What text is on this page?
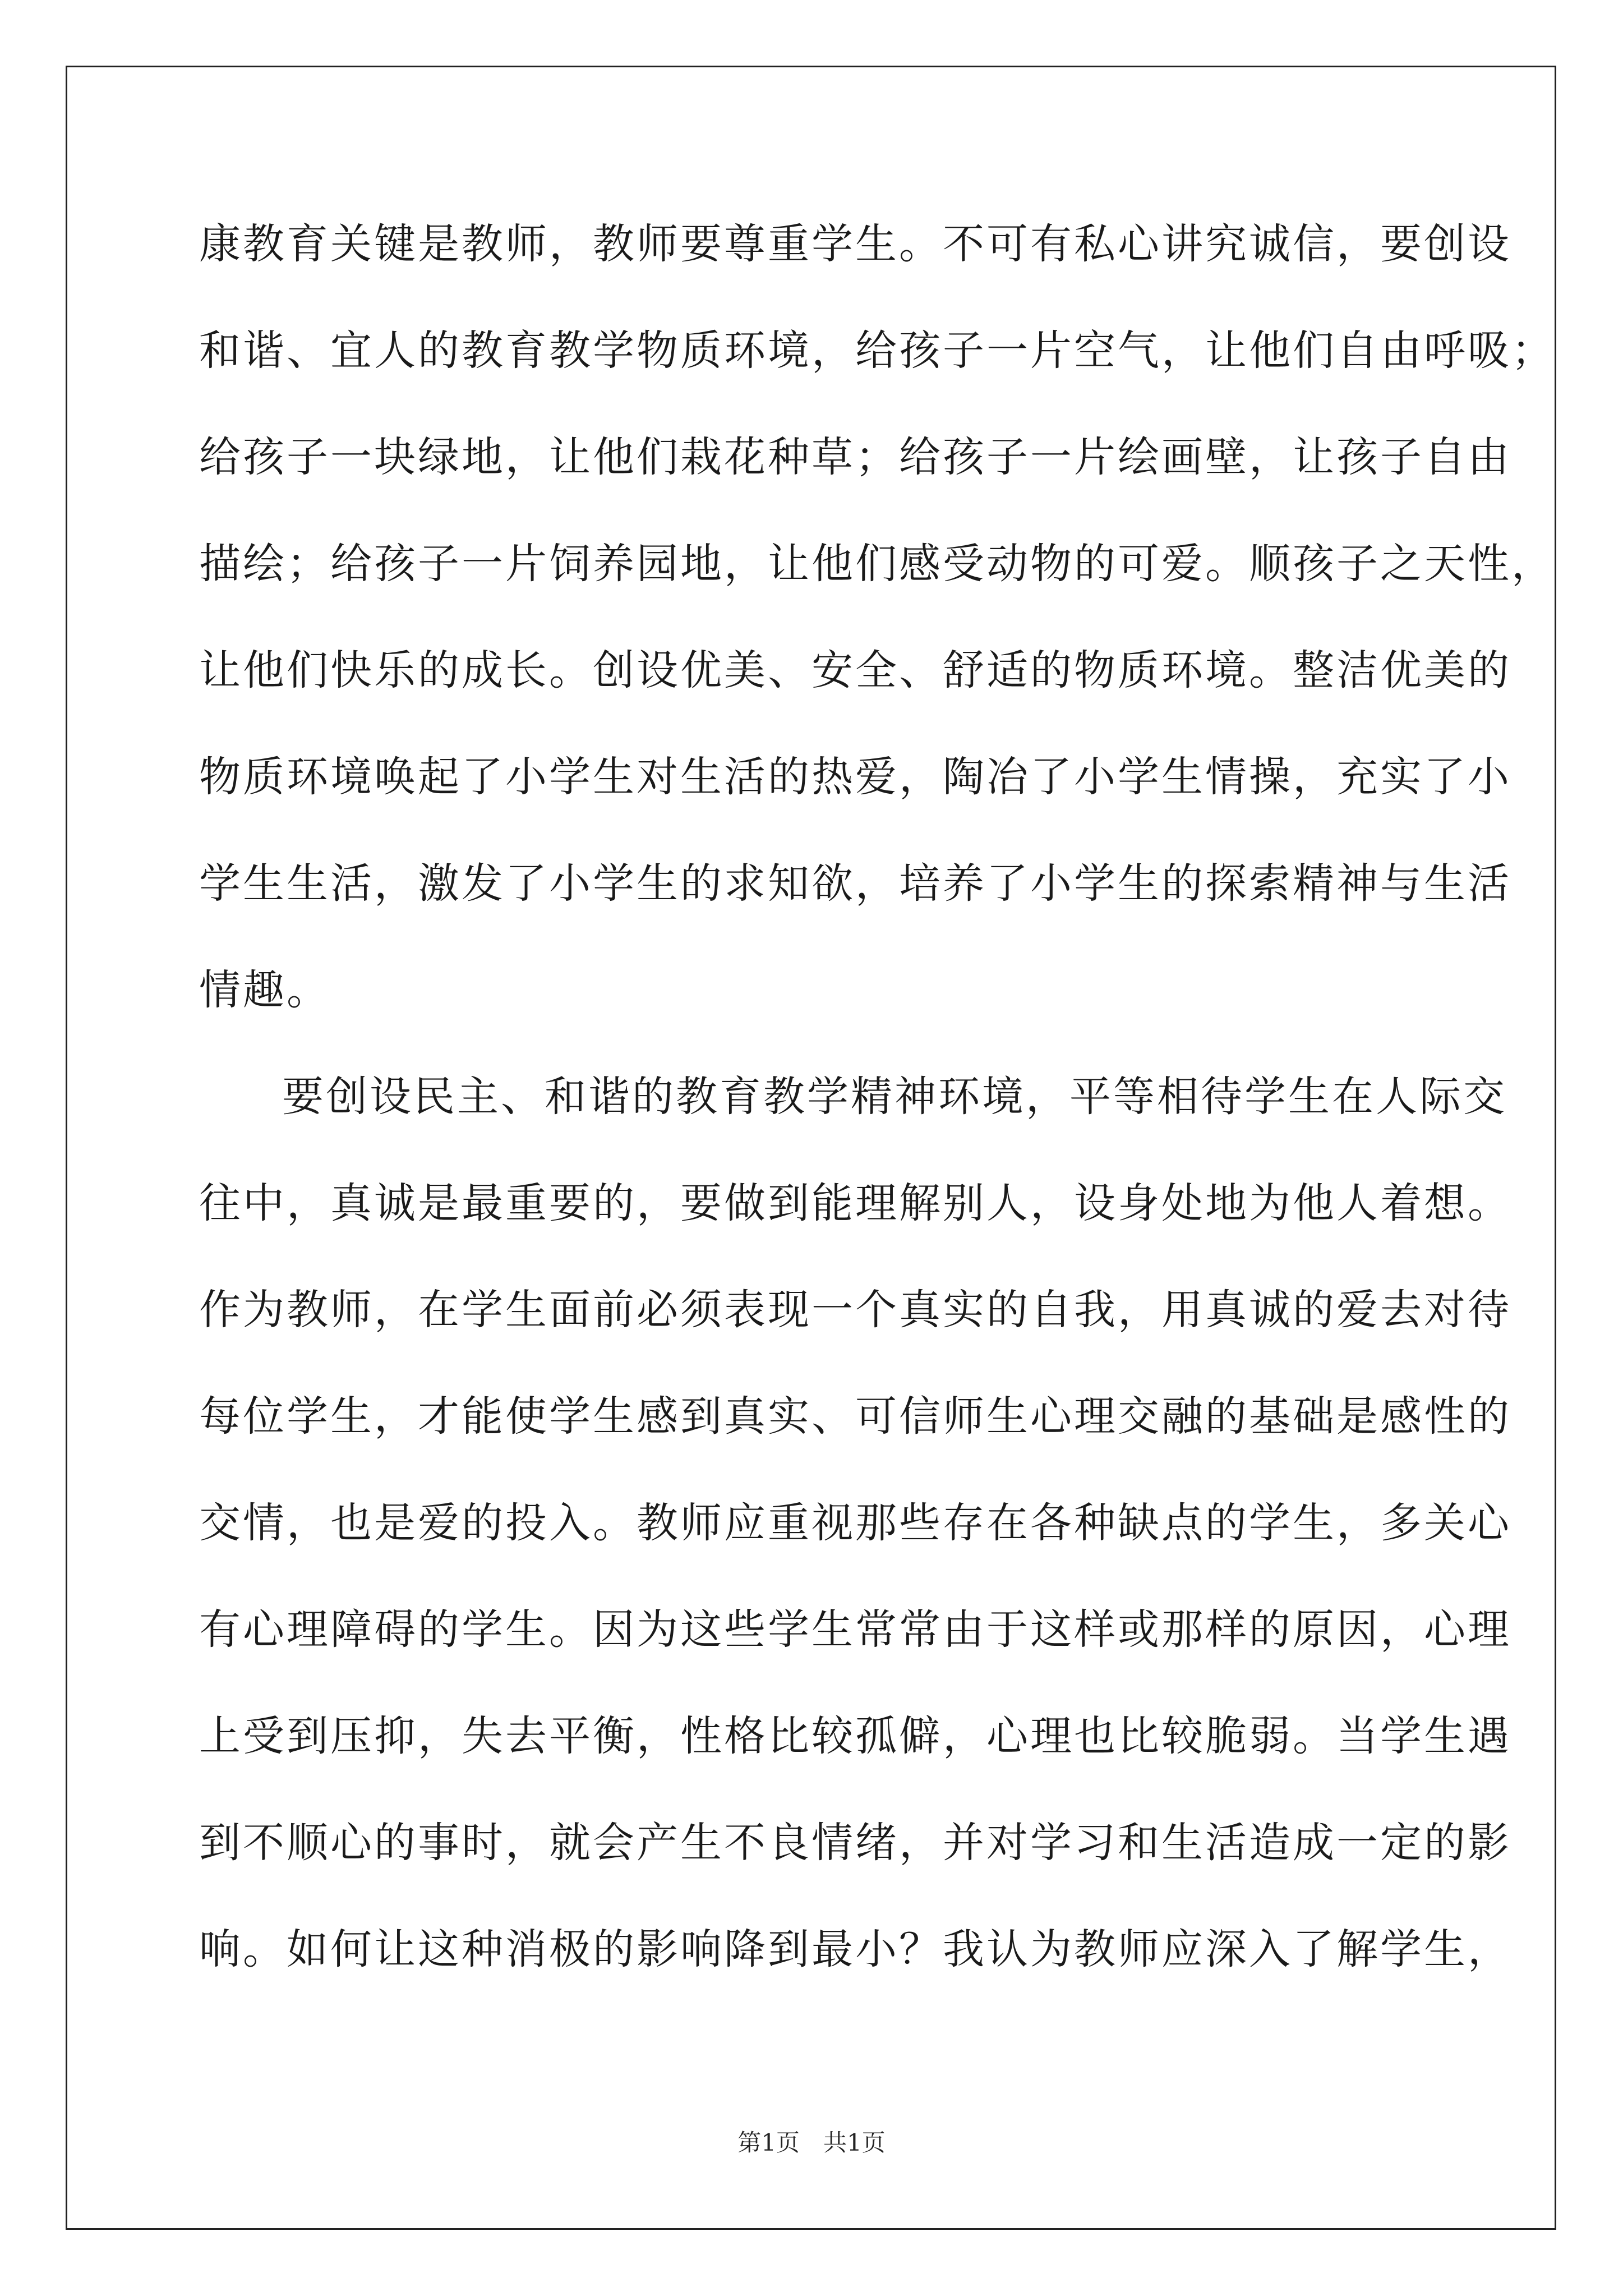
康教育关键是教师，教师要尊重学生。不可有私心讲究诚信，要创设
和谐、宜人的教育教学物质环境，给孩子一片空气，让他们自由呼吸；
给孩子一块绿地，让他们栽花种草；给孩子一片绘画壁，让孩子自由
描绘；给孩子一片饲养园地，让他们感受动物的可爱。顺孩子之天性，
让他们快乐的成长。创设优美、安全、舒适的物质环境。整洁优美的
物质环境唤起了小学生对生活的热爱，陶冶了小学生情操，充实了小
学生生活，激发了小学生的求知欲，培养了小学生的探索精神与生活
情趣。
要创设民主、和谐的教育教学精神环境，平等相待学生在人际交
往中，真诚是最重要的，要做到能理解别人，设身处地为他人着想。
作为教师，在学生面前必须表现一个真实的自我，用真诚的爱去对待
每位学生，才能使学生感到真实、可信师生心理交融的基础是感性的
交情，也是爱的投入。教师应重视那些存在各种缺点的学生，多关心
有心理障碍的学生。因为这些学生常常由于这样或那样的原因，心理
上受到压抑，失去平衡，性格比较孤僻，心理也比较脆弱。当学生遇
到不顺心的事时，就会产生不良情绪，并对学习和生活造成一定的影
响。如何让这种消极的影响降到最小？我认为教师应深入了解学生，
第1页　共1页
